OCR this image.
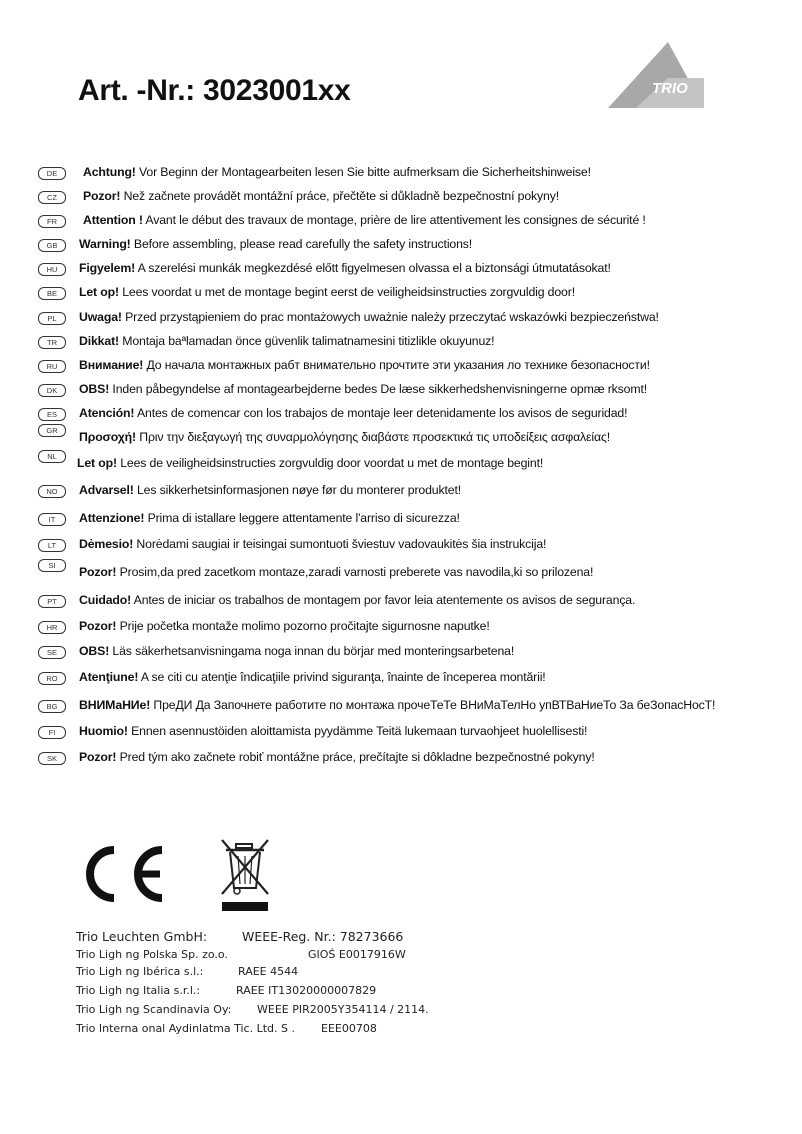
Art. -Nr.: 3023001xx	TRIO
DE	Achtung! Vor Beginn der Montagearbeiten lesen Sie bitte aufmerksam die Sicherheitshinweise!
CZ	Pozor! Než začnete provádět montážní práce, přečtěte si důkladně bezpečnostní pokyny!
FR	Attention ! Avant le début des travaux de montage, prière de lire attentivement les consignes de sécurité !
GB	Warning! Before assembling, please read carefully the safety instructions!
HU	Figyelem! A szerelési munkák megkezdésé előtt figyelmesen olvassa el a biztonsági útmutatásokat!
BE	Let op! Lees voordat u met de montage begint eerst de veiligheidsinstructies zorgvuldig door!
PL	Uwaga! Przed przystąpieniem do prac montażowych uważnie należy przeczytać wskazówki bezpieczeństwa!
TR	Dikkat! Montaja baªlamadan önce güvenlik talimatnamesini titizlikle okuyunuz!
RU	Внимание! До начала монтажных рабт внимательно прочтите эти указания ло технике безопасности!
DK	OBS! Inden påbegyndelse af montagearbejderne bedes De læse sikkerhedshenvisningerne opmæ rksomt!
ES	Atención! Antes de comencar con los trabajos de montaje leer detenidamente los avisos de seguridad!
GR	Προσοχή! Πριν την διεξαγωγή της συναρμολόγησης διαβάστε προσεκτικά τις υποδείξεις ασφαλείας!
NL	Let op! Lees de veiligheidsinstructies zorgvuldig door voordat u met de montage begint!
NO	Advarsel! Les sikkerhetsinformasjonen nøye før du monterer produktet!
IT	Attenzione! Prima di istallare leggere attentamente l'arriso di sicurezza!
LT	Dėmesio! Norėdami saugiai ir teisingai sumontuoti šviestuv vadovaukitės šia instrukcija!
SI	Pozor! Prosim,da pred zacetkom montaze,zaradi varnosti preberete vas navodila,ki so prilozena!
PT	Cuidado! Antes de iniciar os trabalhos de montagem por favor leia atentemente os avisos de segurança.
HR	Pozor! Prije početka montaže molimo pozorno pročitajte sigurnosne naputke!
SE	OBS! Läs säkerhetsanvisningama noga innan du börjar med monteringsarbetena!
RO	Atenţiune! A se citi cu atenţie îndicaţiile privind siguranţa, înainte de începerea montării!
BG	ВНИМаНИе! ПреДИ Да Започнете работите по монтажа прочеТеТе ВНиМаТелНо упВТВаНиеТо За беЗопасНосТ!
FI	Huomio! Ennen asennustöiden aloittamista pyydämme Teitä lukemaan turvaohjeet huolellisesti!
SK	Pozor! Pred tým ako začnete robiť montážne práce, prečítajte si dôkladne bezpečnostné pokyny!
Trio Leuchten GmbH:	WEEE-Reg. Nr.: 78273666
Trio Ligh ng Polska Sp. zo.o.	GIOŚ E0017916W
Trio Ligh ng Ibérica s.l.:	RAEE 4544
Trio Ligh ng Italia s.r.l.:	RAEE IT13020000007829
Trio Ligh ng Scandinavia Oy: WEEE PIR2005Y354114 / 2114.
Trio Interna onal Aydinlatma Tic. Ltd. S . EEE00708
